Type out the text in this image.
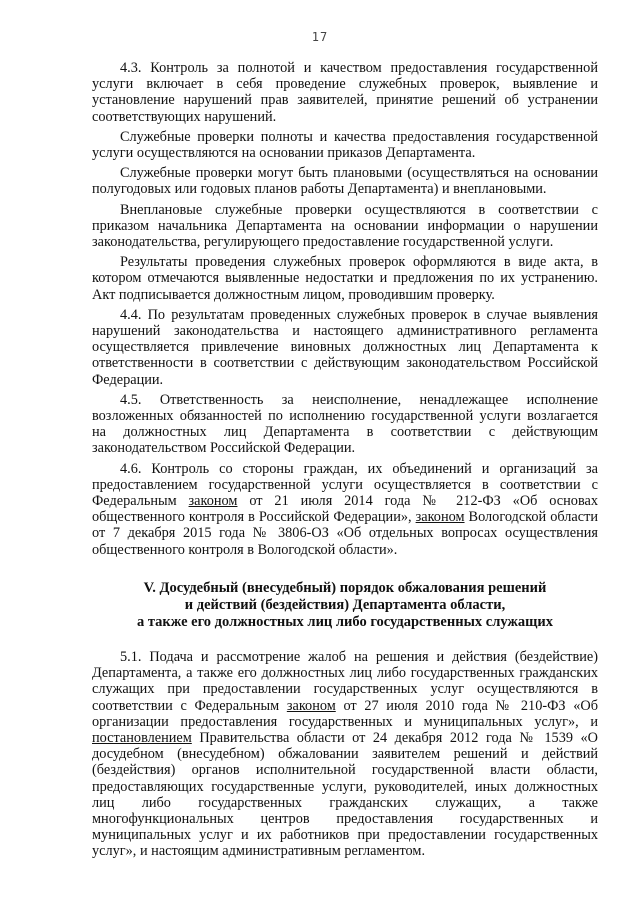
17

4.3. Контроль за полнотой и качеством предоставления государственной услуги включает в себя проведение служебных проверок, выявление и установление нарушений прав заявителей, принятие решений об устранении соответствующих нарушений.

Служебные проверки полноты и качества предоставления государственной услуги осуществляются на основании приказов Департамента.

Служебные проверки могут быть плановыми (осуществляться на основании полугодовых или годовых планов работы Департамента) и внеплановыми.

Внеплановые служебные проверки осуществляются в соответствии с приказом начальника Департамента на основании информации о нарушении законодательства, регулирующего предоставление государственной услуги.

Результаты проведения служебных проверок оформляются в виде акта, в котором отмечаются выявленные недостатки и предложения по их устранению. Акт подписывается должностным лицом, проводившим проверку.

4.4. По результатам проведенных служебных проверок в случае выявления нарушений законодательства и настоящего административного регламента осуществляется привлечение виновных должностных лиц Департамента к ответственности в соответствии с действующим законодательством Российской Федерации.

4.5. Ответственность за неисполнение, ненадлежащее исполнение возложенных обязанностей по исполнению государственной услуги возлагается на должностных лиц Департамента в соответствии с действующим законодательством Российской Федерации.

4.6. Контроль со стороны граждан, их объединений и организаций за предоставлением государственной услуги осуществляется в соответствии с Федеральным законом от 21 июля 2014 года № 212-ФЗ «Об основах общественного контроля в Российской Федерации», законом Вологодской области от 7 декабря 2015 года № 3806-ОЗ «Об отдельных вопросах осуществления общественного контроля в Вологодской области».

V. Досудебный (внесудебный) порядок обжалования решений
и действий (бездействия) Департамента области,
а также его должностных лиц либо государственных служащих

5.1. Подача и рассмотрение жалоб на решения и действия (бездействие) Департамента, а также его должностных лиц либо государственных гражданских служащих при предоставлении государственных услуг осуществляются в соответствии с Федеральным законом от 27 июля 2010 года № 210-ФЗ «Об организации предоставления государственных и муниципальных услуг», и постановлением Правительства области от 24 декабря 2012 года № 1539 «О досудебном (внесудебном) обжаловании заявителем решений и действий (бездействия) органов исполнительной государственной власти области, предоставляющих государственные услуги, руководителей, иных должностных лиц либо государственных гражданских служащих, а также многофункциональных центров предоставления государственных и муниципальных услуг и их работников при предоставлении государственных услуг», и настоящим административным регламентом.
